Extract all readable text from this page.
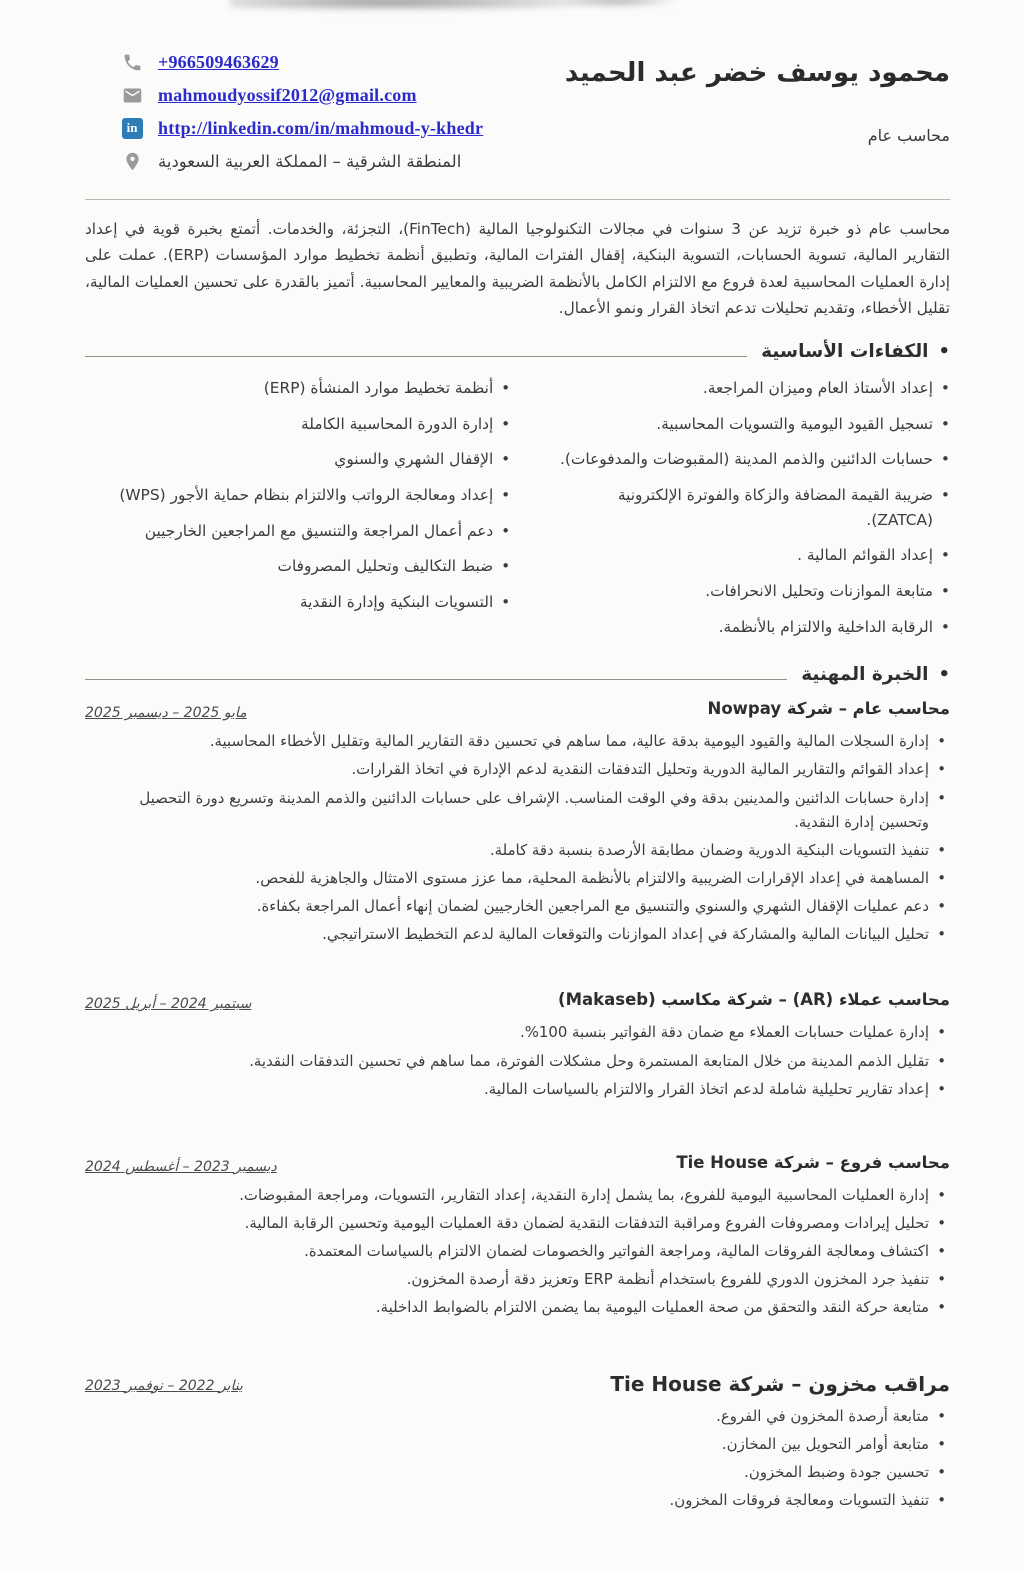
+966509463629
mahmoudyossif2012@gmail.com
in http://linkedin.com/in/mahmoud-y-khedr
المنطقة الشرقية – المملكة العربية السعودية
محمود يوسف خضر عبد الحميد
محاسب عام

محاسب عام ذو خبرة تزيد عن 3 سنوات في مجالات التكنولوجيا المالية (FinTech)، التجزئة، والخدمات. أتمتع بخبرة قوية في إعداد التقارير المالية، تسوية الحسابات، التسوية البنكية، إقفال الفترات المالية، وتطبيق أنظمة تخطيط موارد المؤسسات (ERP). عملت على إدارة العمليات المحاسبية لعدة فروع مع الالتزام الكامل بالأنظمة الضريبية والمعايير المحاسبية. أتميز بالقدرة على تحسين العمليات المالية، تقليل الأخطاء، وتقديم تحليلات تدعم اتخاذ القرار ونمو الأعمال.

•
الكفاءات الأساسية
• إعداد الأستاذ العام وميزان المراجعة.
• تسجيل القيود اليومية والتسويات المحاسبية.
• حسابات الدائنين والذمم المدينة (المقبوضات والمدفوعات).
• ضريبة القيمة المضافة والزكاة والفوترة الإلكترونية (ZATCA).
• إعداد القوائم المالية .
• متابعة الموازنات وتحليل الانحرافات.
• الرقابة الداخلية والالتزام بالأنظمة.
• أنظمة تخطيط موارد المنشأة (ERP)
• إدارة الدورة المحاسبية الكاملة
• الإقفال الشهري والسنوي
• إعداد ومعالجة الرواتب والالتزام بنظام حماية الأجور (WPS)
• دعم أعمال المراجعة والتنسيق مع المراجعين الخارجيين
• ضبط التكاليف وتحليل المصروفات
• التسويات البنكية وإدارة النقدية
•
الخبرة المهنية
محاسب عام – شركة Nowpay
مايو 2025 – ديسمبر 2025
• إدارة السجلات المالية والقيود اليومية بدقة عالية، مما ساهم في تحسين دقة التقارير المالية وتقليل الأخطاء المحاسبية.
• إعداد القوائم والتقارير المالية الدورية وتحليل التدفقات النقدية لدعم الإدارة في اتخاذ القرارات.
• إدارة حسابات الدائنين والمدينين بدقة وفي الوقت المناسب. الإشراف على حسابات الدائنين والذمم المدينة وتسريع دورة التحصيل وتحسين إدارة النقدية.
• تنفيذ التسويات البنكية الدورية وضمان مطابقة الأرصدة بنسبة دقة كاملة.
• المساهمة في إعداد الإقرارات الضريبية والالتزام بالأنظمة المحلية، مما عزز مستوى الامتثال والجاهزية للفحص.
• دعم عمليات الإقفال الشهري والسنوي والتنسيق مع المراجعين الخارجيين لضمان إنهاء أعمال المراجعة بكفاءة.
• تحليل البيانات المالية والمشاركة في إعداد الموازنات والتوقعات المالية لدعم التخطيط الاستراتيجي.
محاسب عملاء (AR) – شركة مكاسب (Makaseb)
سبتمبر 2024 – أبريل 2025
• إدارة عمليات حسابات العملاء مع ضمان دقة الفواتير بنسبة 100%.
• تقليل الذمم المدينة من خلال المتابعة المستمرة وحل مشكلات الفوترة، مما ساهم في تحسين التدفقات النقدية.
• إعداد تقارير تحليلية شاملة لدعم اتخاذ القرار والالتزام بالسياسات المالية.
محاسب فروع – شركة Tie House
ديسمبر 2023 – أغسطس 2024
• إدارة العمليات المحاسبية اليومية للفروع، بما يشمل إدارة النقدية، إعداد التقارير، التسويات، ومراجعة المقبوضات.
• تحليل إيرادات ومصروفات الفروع ومراقبة التدفقات النقدية لضمان دقة العمليات اليومية وتحسين الرقابة المالية.
• اكتشاف ومعالجة الفروقات المالية، ومراجعة الفواتير والخصومات لضمان الالتزام بالسياسات المعتمدة.
• تنفيذ جرد المخزون الدوري للفروع باستخدام أنظمة ERP وتعزيز دقة أرصدة المخزون.
• متابعة حركة النقد والتحقق من صحة العمليات اليومية بما يضمن الالتزام بالضوابط الداخلية.
مراقب مخزون – شركة Tie House
يناير 2022 – نوفمبر 2023
• متابعة أرصدة المخزون في الفروع.
• متابعة أوامر التحويل بين المخازن.
• تحسين جودة وضبط المخزون.
• تنفيذ التسويات ومعالجة فروقات المخزون.
